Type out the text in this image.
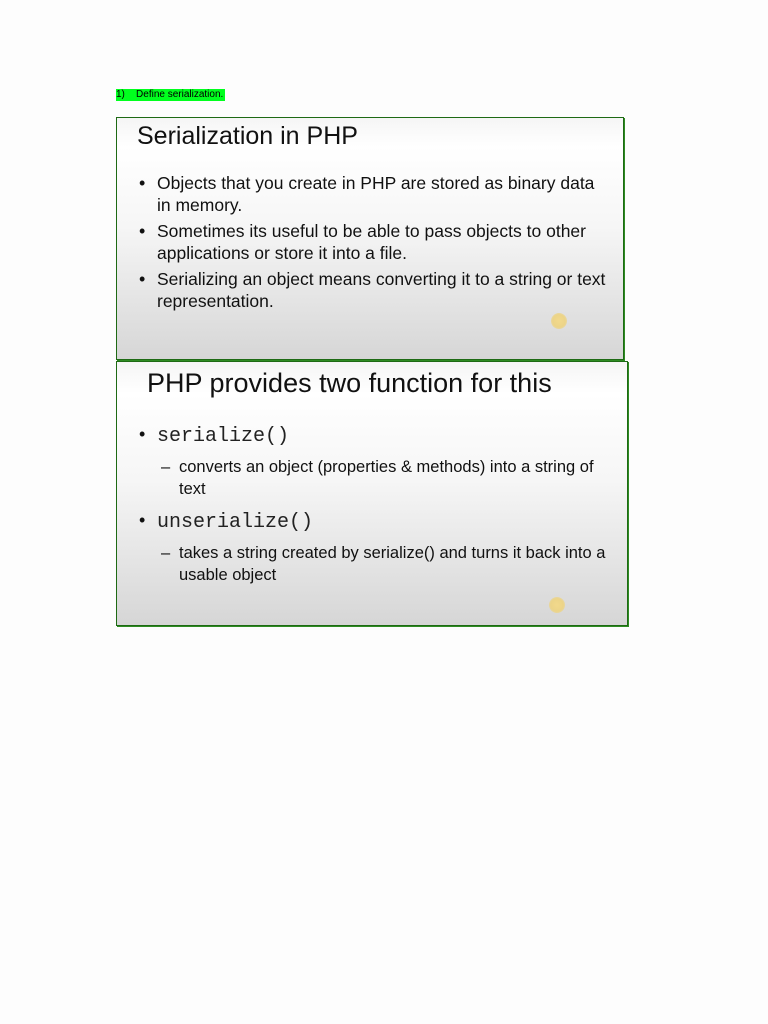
1) Define serialization.
Serialization in PHP
• Objects that you create in PHP are stored as binary data in memory.
• Sometimes its useful to be able to pass objects to other applications or store it into a file.
• Serializing an object means converting it to a string or text representation.
PHP provides two function for this
• serialize()
– converts an object (properties & methods) into a string of text
• unserialize()
– takes a string created by serialize() and turns it back into a usable object
